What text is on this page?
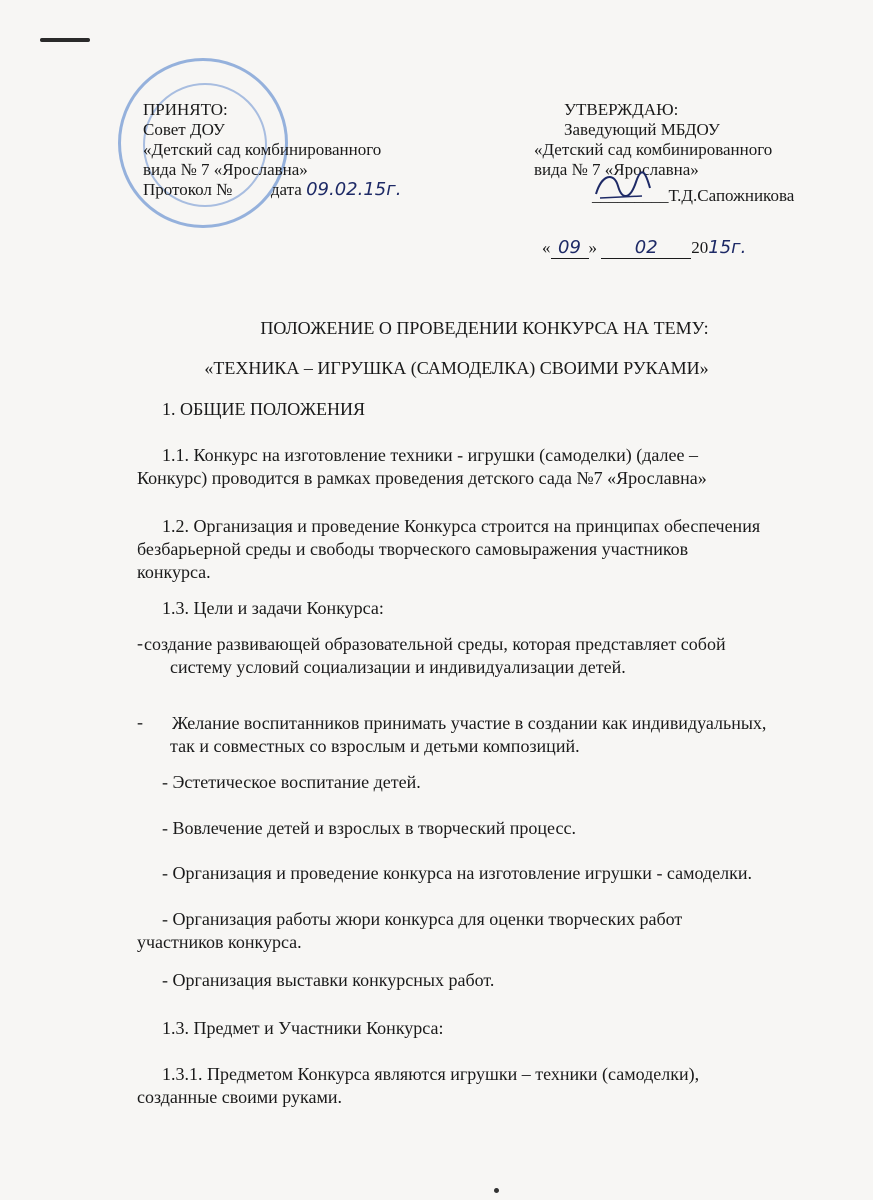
ПРИНЯТО:
Совет ДОУ
«Детский сад комбинированного
вида № 7 «Ярославна»
Протокол № дата 09.02.15г.
УТВЕРЖДАЮ:
Заведующий МБДОУ
«Детский сад комбинированного
вида № 7 «Ярославна»
_________Т.Д.Сапожникова
« 09 » 02 2015г.
ПОЛОЖЕНИЕ О ПРОВЕДЕНИИ КОНКУРСА НА ТЕМУ:
«ТЕХНИКА – ИГРУШКА (САМОДЕЛКА) СВОИМИ РУКАМИ»
1. ОБЩИЕ ПОЛОЖЕНИЯ
1.1. Конкурс на изготовление техники - игрушки (самоделки) (далее –
Конкурс) проводится в рамках проведения детского сада №7 «Ярославна»
1.2. Организация и проведение Конкурса строится на принципах обеспечения
безбарьерной среды и свободы творческого самовыражения участников
конкурса.
1.3. Цели и задачи Конкурса:
- создание развивающей образовательной среды, которая представляет собой
систему условий социализации и индивидуализации детей.
- Желание воспитанников принимать участие в создании как индивидуальных,
так и совместных со взрослым и детьми композиций.
- Эстетическое воспитание детей.
- Вовлечение детей и взрослых в творческий процесс.
- Организация и проведение конкурса на изготовление игрушки - самоделки.
- Организация работы жюри конкурса для оценки творческих работ
участников конкурса.
- Организация выставки конкурсных работ.
1.3. Предмет и Участники Конкурса:
1.3.1. Предметом Конкурса являются игрушки – техники (самоделки),
созданные своими руками.
